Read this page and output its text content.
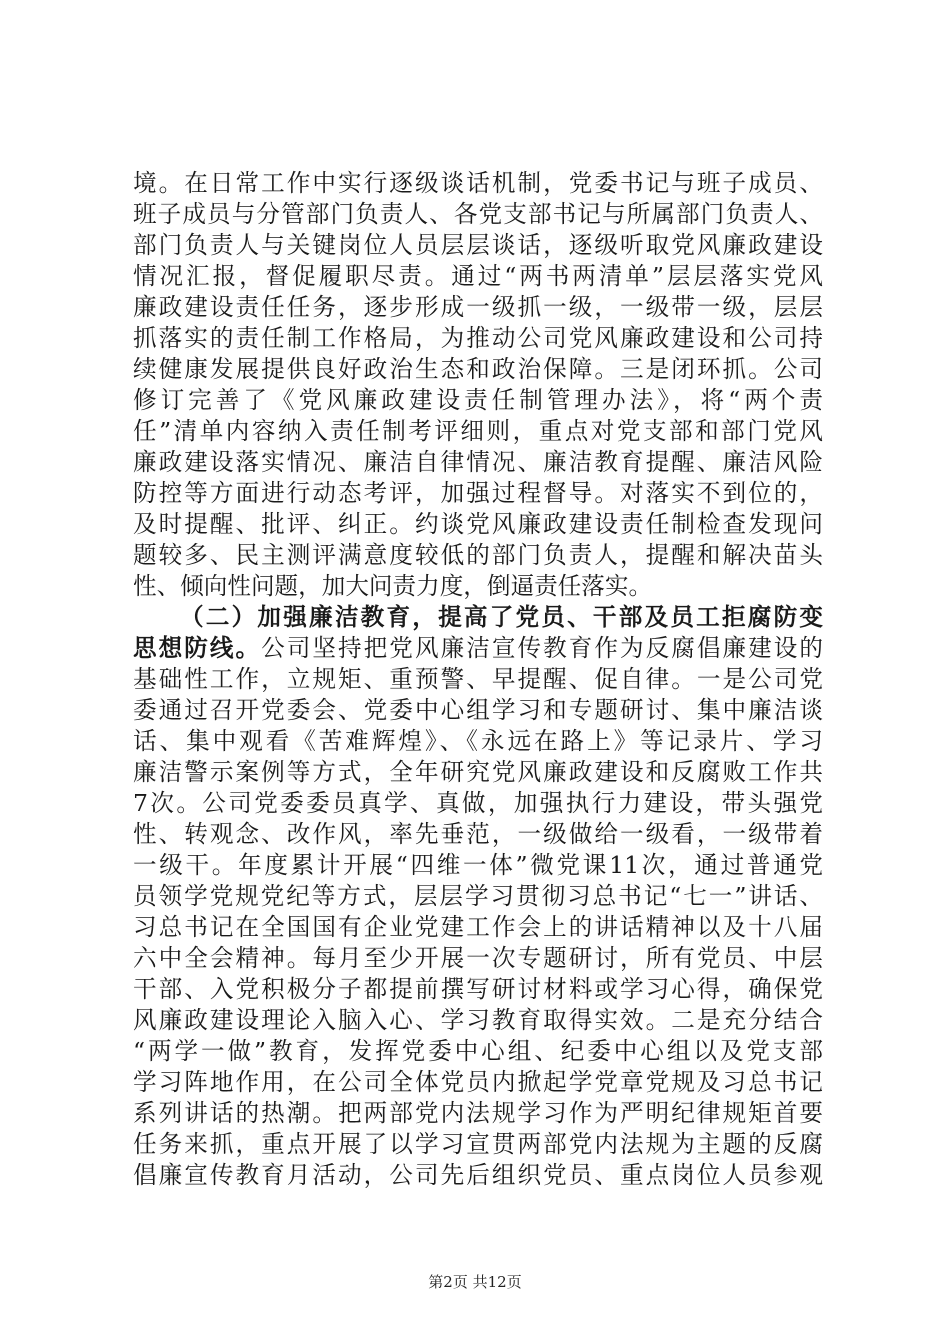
境。在日常工作中实行逐级谈话机制，党委书记与班子成员、
班子成员与分管部门负责人、各党支部书记与所属部门负责人、
部门负责人与关键岗位人员层层谈话，逐级听取党风廉政建设
情况汇报，督促履职尽责。通过“两书两清单”层层落实党风
廉政建设责任任务，逐步形成一级抓一级，一级带一级，层层
抓落实的责任制工作格局，为推动公司党风廉政建设和公司持
续健康发展提供良好政治生态和政治保障。三是闭环抓。公司
修订完善了《党风廉政建设责任制管理办法》，将“两个责
任”清单内容纳入责任制考评细则，重点对党支部和部门党风
廉政建设落实情况、廉洁自律情况、廉洁教育提醒、廉洁风险
防控等方面进行动态考评，加强过程督导。对落实不到位的，
及时提醒、批评、纠正。约谈党风廉政建设责任制检查发现问
题较多、民主测评满意度较低的部门负责人，提醒和解决苗头
性、倾向性问题，加大问责力度，倒逼责任落实。
（二）加强廉洁教育，提高了党员、干部及员工拒腐防变
思想防线。公司坚持把党风廉洁宣传教育作为反腐倡廉建设的
基础性工作，立规矩、重预警、早提醒、促自律。一是公司党
委通过召开党委会、党委中心组学习和专题研讨、集中廉洁谈
话、集中观看《苦难辉煌》、《永远在路上》等记录片、学习
廉洁警示案例等方式，全年研究党风廉政建设和反腐败工作共
7次。公司党委委员真学、真做，加强执行力建设，带头强党
性、转观念、改作风，率先垂范，一级做给一级看，一级带着
一级干。年度累计开展“四维一体”微党课11次，通过普通党
员领学党规党纪等方式，层层学习贯彻习总书记“七一”讲话、
习总书记在全国国有企业党建工作会上的讲话精神以及十八届
六中全会精神。每月至少开展一次专题研讨，所有党员、中层
干部、入党积极分子都提前撰写研讨材料或学习心得，确保党
风廉政建设理论入脑入心、学习教育取得实效。二是充分结合
“两学一做”教育，发挥党委中心组、纪委中心组以及党支部
学习阵地作用，在公司全体党员内掀起学党章党规及习总书记
系列讲话的热潮。把两部党内法规学习作为严明纪律规矩首要
任务来抓，重点开展了以学习宣贯两部党内法规为主题的反腐
倡廉宣传教育月活动，公司先后组织党员、重点岗位人员参观
第2页 共12页
